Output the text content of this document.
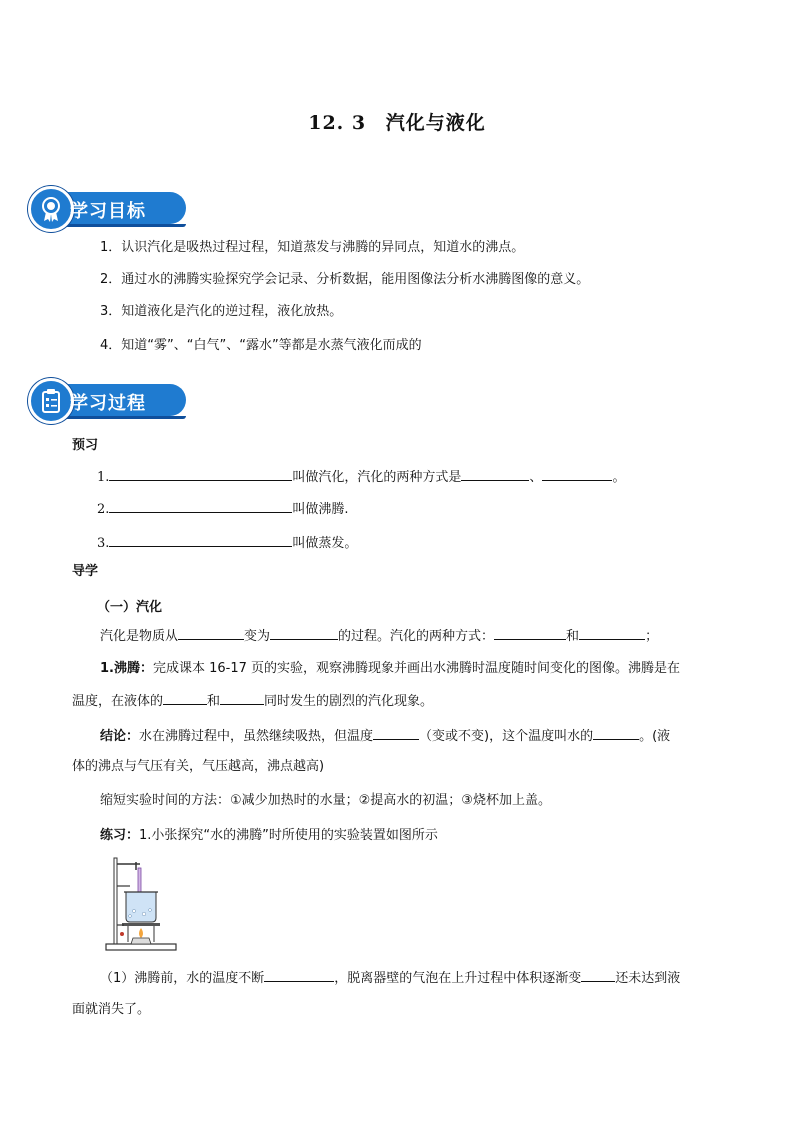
12. 3 汽化与液化
学习目标
1．认识汽化是吸热过程过程，知道蒸发与沸腾的异同点，知道水的沸点。
2．通过水的沸腾实验探究学会记录、分析数据，能用图像法分析水沸腾图像的意义。
3．知道液化是汽化的逆过程，液化放热。
4．知道“雾”、“白气”、“露水”等都是水蒸气液化而成的
学习过程
预习
1.	叫做汽化，汽化的两种方式是	、	。
2.	叫做沸腾.
3.	叫做蒸发。
导学
（一）汽化
汽化是物质从	变为	的过程。汽化的两种方式：	和	；
1.沸腾：完成课本 16-17 页的实验，观察沸腾现象并画出水沸腾时温度随时间变化的图像。沸腾是在
温度，在液体的	和	同时发生的剧烈的汽化现象。
结论：水在沸腾过程中，虽然继续吸热，但温度	（变或不变)，这个温度叫水的	。(液
体的沸点与气压有关，气压越高，沸点越高)
缩短实验时间的方法：①减少加热时的水量；②提高水的初温；③烧杯加上盖。
练习：1.小张探究“水的沸腾”时所使用的实验装置如图所示
（1）沸腾前，水的温度不断	，脱离器壁的气泡在上升过程中体积逐渐变	还未达到液
面就消失了。
